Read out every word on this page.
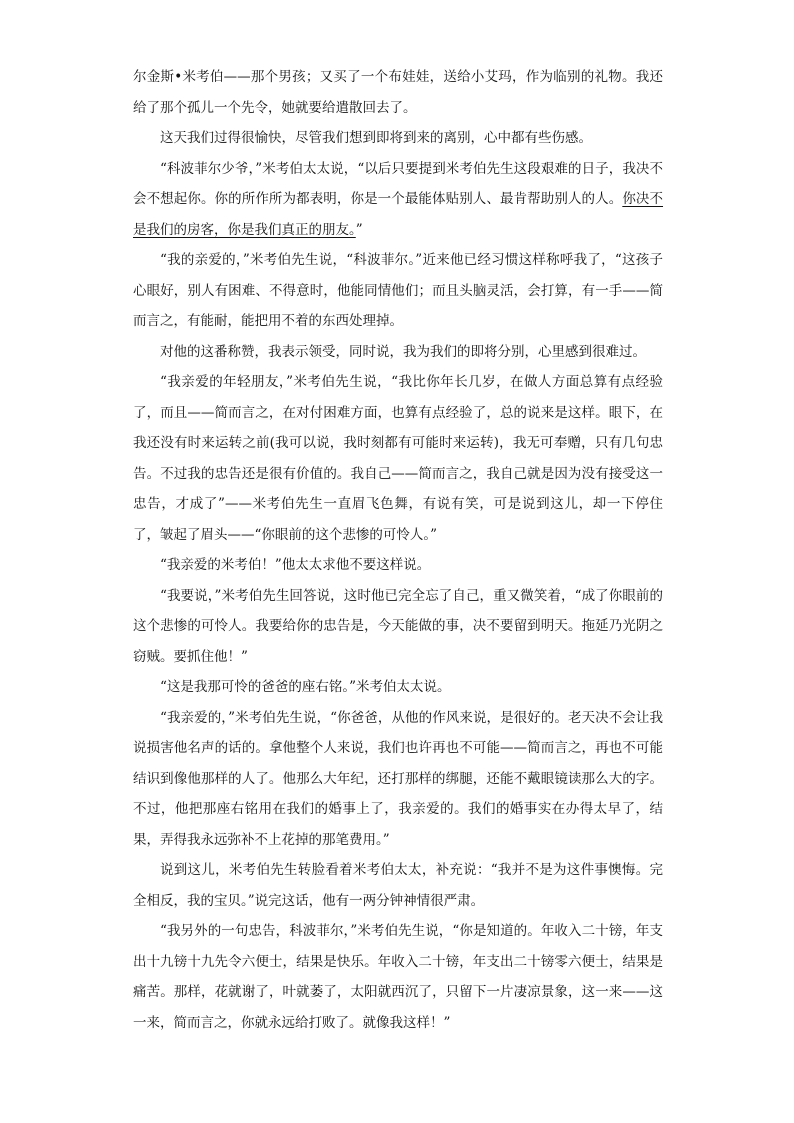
尔金斯•米考伯——那个男孩；又买了一个布娃娃，送给小艾玛，作为临别的礼物。我还给了那个孤儿一个先令，她就要给遣散回去了。

这天我们过得很愉快，尽管我们想到即将到来的离别，心中都有些伤感。

“科波菲尔少爷，”米考伯太太说，“以后只要提到米考伯先生这段艰难的日子，我决不会不想起你。你的所作所为都表明，你是一个最能体贴别人、最肯帮助别人的人。你决不是我们的房客，你是我们真正的朋友。”

“我的亲爱的，”米考伯先生说，“科波菲尔。”近来他已经习惯这样称呼我了，“这孩子心眼好，别人有困难、不得意时，他能同情他们；而且头脑灵活，会打算，有一手——简而言之，有能耐，能把用不着的东西处理掉。

对他的这番称赞，我表示领受，同时说，我为我们的即将分别，心里感到很难过。

“我亲爱的年轻朋友，”米考伯先生说，“我比你年长几岁，在做人方面总算有点经验了，而且——简而言之，在对付困难方面，也算有点经验了，总的说来是这样。眼下，在我还没有时来运转之前(我可以说，我时刻都有可能时来运转)，我无可奉赠，只有几句忠告。不过我的忠告还是很有价值的。我自己——简而言之，我自己就是因为没有接受这一忠告，才成了”——米考伯先生一直眉飞色舞，有说有笑，可是说到这儿，却一下停住了，皱起了眉头——“你眼前的这个悲惨的可怜人。”

“我亲爱的米考伯！”他太太求他不要这样说。

“我要说，”米考伯先生回答说，这时他已完全忘了自己，重又微笑着，“成了你眼前的这个悲惨的可怜人。我要给你的忠告是，今天能做的事，决不要留到明天。拖延乃光阴之窃贼。要抓住他！”

“这是我那可怜的爸爸的座右铭。”米考伯太太说。

“我亲爱的，”米考伯先生说，“你爸爸，从他的作风来说，是很好的。老天决不会让我说损害他名声的话的。拿他整个人来说，我们也许再也不可能——简而言之，再也不可能结识到像他那样的人了。他那么大年纪，还打那样的绑腿，还能不戴眼镜读那么大的字。不过，他把那座右铭用在我们的婚事上了，我亲爱的。我们的婚事实在办得太早了，结果，弄得我永远弥补不上花掉的那笔费用。”

说到这儿，米考伯先生转脸看着米考伯太太，补充说：“我并不是为这件事懊悔。完全相反，我的宝贝。”说完这话，他有一两分钟神情很严肃。

“我另外的一句忠告，科波菲尔，”米考伯先生说，“你是知道的。年收入二十镑，年支出十九镑十九先令六便士，结果是快乐。年收入二十镑，年支出二十镑零六便士，结果是痛苦。那样，花就谢了，叶就萎了，太阳就西沉了，只留下一片凄凉景象，这一来——这一来，简而言之，你就永远给打败了。就像我这样！”
